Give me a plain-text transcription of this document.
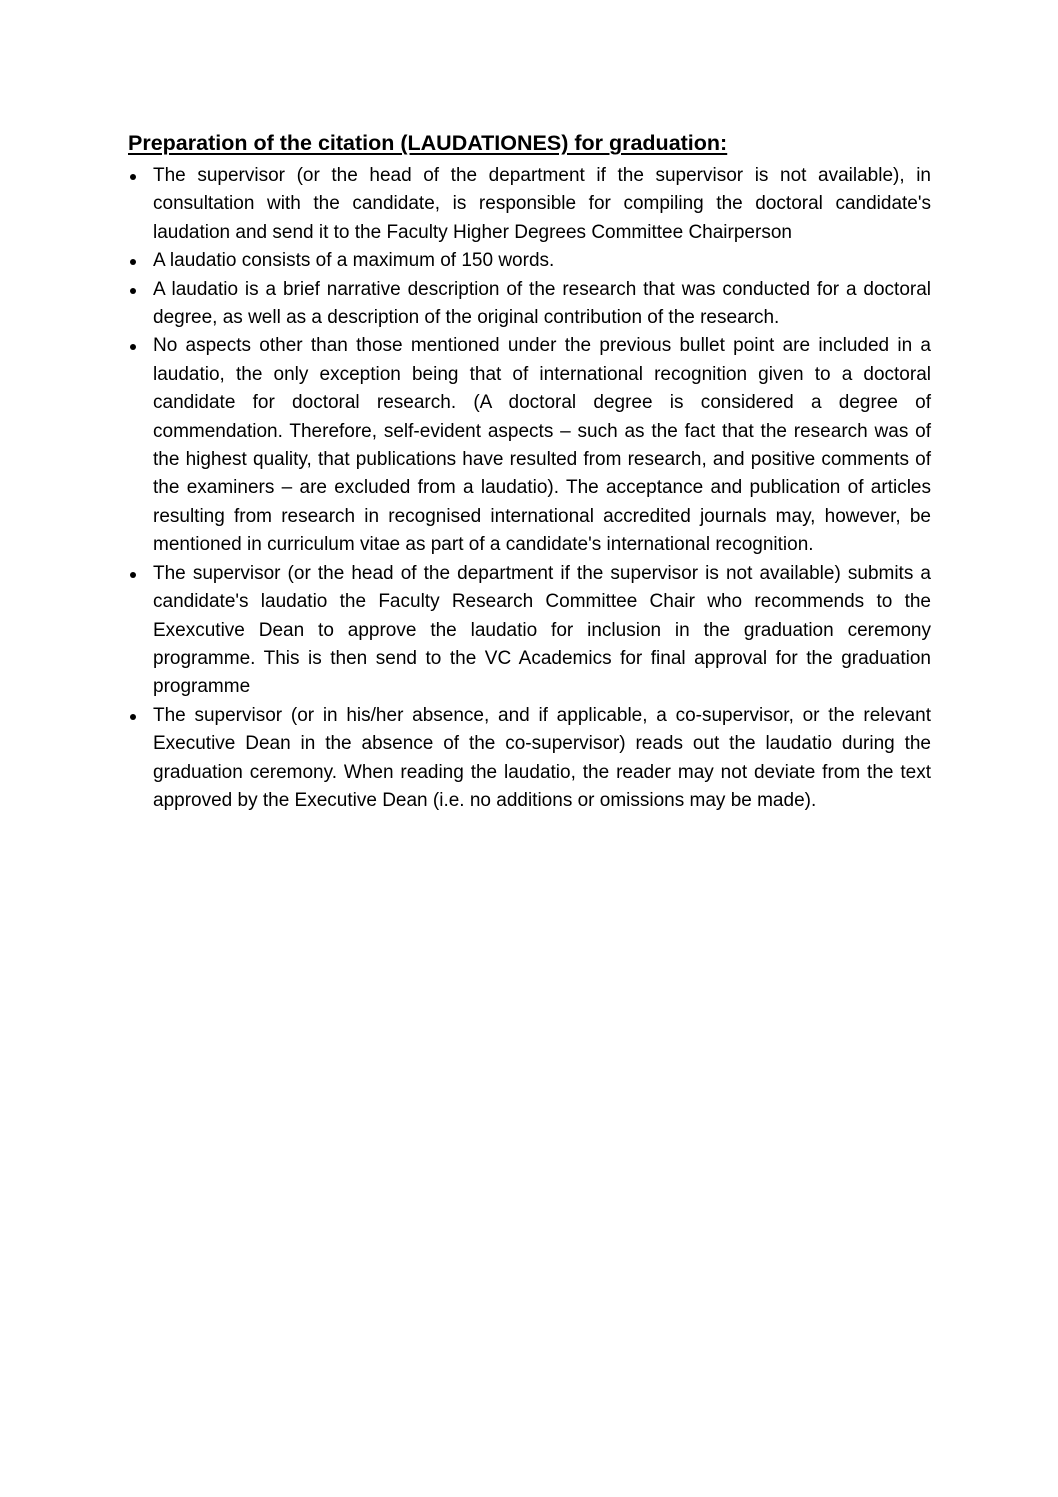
Preparation of the citation (LAUDATIONES) for graduation:
The supervisor (or the head of the department if the supervisor is not available), in consultation with the candidate, is responsible for compiling the doctoral candidate's laudation and send it to the Faculty Higher Degrees Committee Chairperson
A laudatio consists of a maximum of 150 words.
A laudatio is a brief narrative description of the research that was conducted for a doctoral degree, as well as a description of the original contribution of the research.
No aspects other than those mentioned under the previous bullet point are included in a laudatio, the only exception being that of international recognition given to a doctoral candidate for doctoral research. (A doctoral degree is considered a degree of commendation. Therefore, self-evident aspects – such as the fact that the research was of the highest quality, that publications have resulted from research, and positive comments of the examiners – are excluded from a laudatio). The acceptance and publication of articles resulting from research in recognised international accredited journals may, however, be mentioned in curriculum vitae as part of a candidate's international recognition.
The supervisor (or the head of the department if the supervisor is not available) submits a candidate's laudatio the Faculty Research Committee Chair who recommends to the Exexcutive Dean to approve the laudatio for inclusion in the graduation ceremony programme. This is then send to the VC Academics for final approval for the graduation programme
The supervisor (or in his/her absence, and if applicable, a co-supervisor, or the relevant Executive Dean in the absence of the co-supervisor) reads out the laudatio during the graduation ceremony. When reading the laudatio, the reader may not deviate from the text approved by the Executive Dean (i.e. no additions or omissions may be made).
